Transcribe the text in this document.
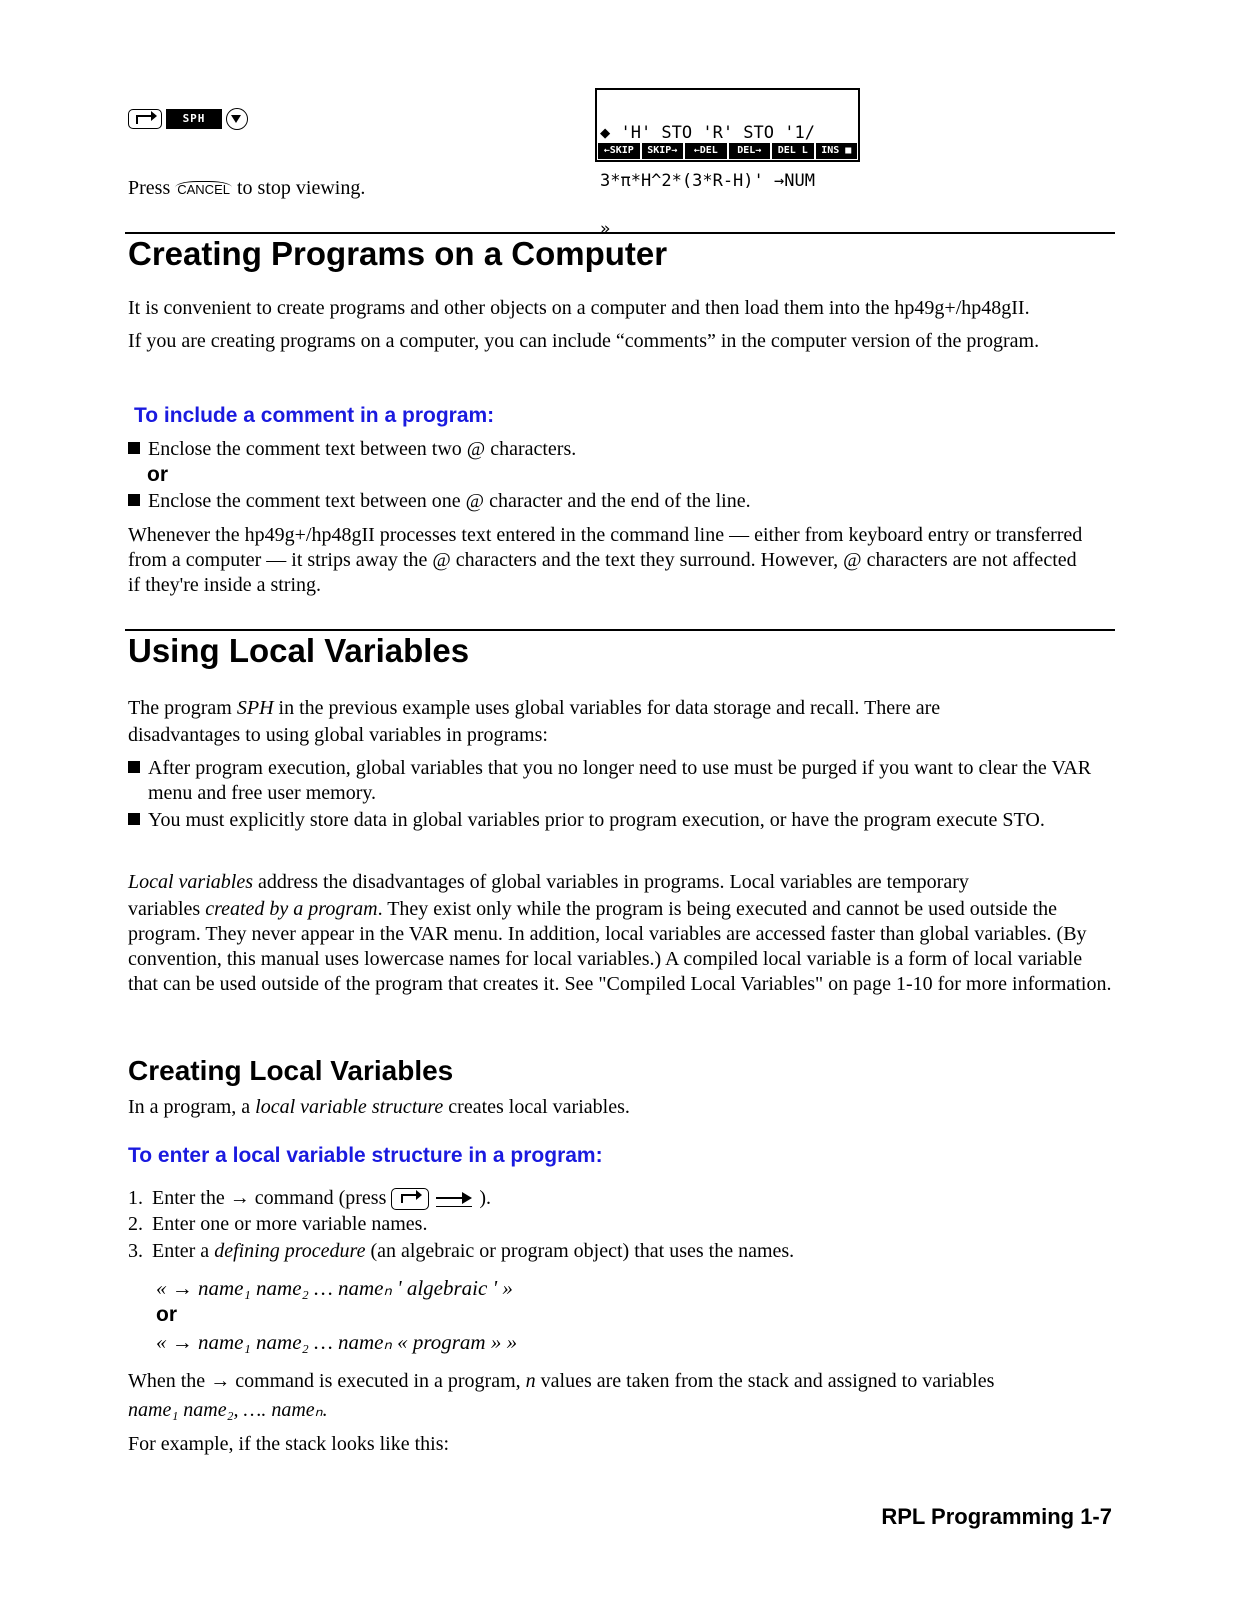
SPH

◆ 'H' STO 'R' STO '1/

3*π*H^2*(3*R-H)' →NUM

»

←SKIP	SKIP→	←DEL	DEL→	DEL L	INS ■

Press CANCEL to stop viewing.
Creating Programs on a Computer
It is convenient to create programs and other objects on a computer and then load them into the hp49g+/hp48gII.
If you are creating programs on a computer, you can include “comments” in the computer version of the program.
To include a comment in a program:
Enclose the comment text between two @ characters.
or
Enclose the comment text between one @ character and the end of the line.
Whenever the hp49g+/hp48gII processes text entered in the command line — either from keyboard entry or transferred from a computer — it strips away the @ characters and the text they surround. However, @ characters are not affected if they're inside a string.
Using Local Variables
The program SPH in the previous example uses global variables for data storage and recall. There are disadvantages to using global variables in programs:
After program execution, global variables that you no longer need to use must be purged if you want to clear the VAR menu and free user memory.
You must explicitly store data in global variables prior to program execution, or have the program execute STO.
Local variables address the disadvantages of global variables in programs. Local variables are temporary
variables created by a program. They exist only while the program is being executed and cannot be used outside the program. They never appear in the VAR menu. In addition, local variables are accessed faster than global variables. (By convention, this manual uses lowercase names for local variables.) A compiled local variable is a form of local variable that can be used outside of the program that creates it. See "Compiled Local Variables" on page 1-10 for more information.
Creating Local Variables
In a program, a local variable structure creates local variables.
To enter a local variable structure in a program:
1. Enter the → command (press
	).
2. Enter one or more variable names.
3. Enter a defining procedure (an algebraic or program object) that uses the names.
« → name₁ name₂ … nameₙ ' algebraic ' »
or
« → name₁ name₂ … nameₙ « program » »
When the → command is executed in a program, n values are taken from the stack and assigned to variables
name₁ name₂, …. nameₙ.
For example, if the stack looks like this:
RPL Programming 1-7
